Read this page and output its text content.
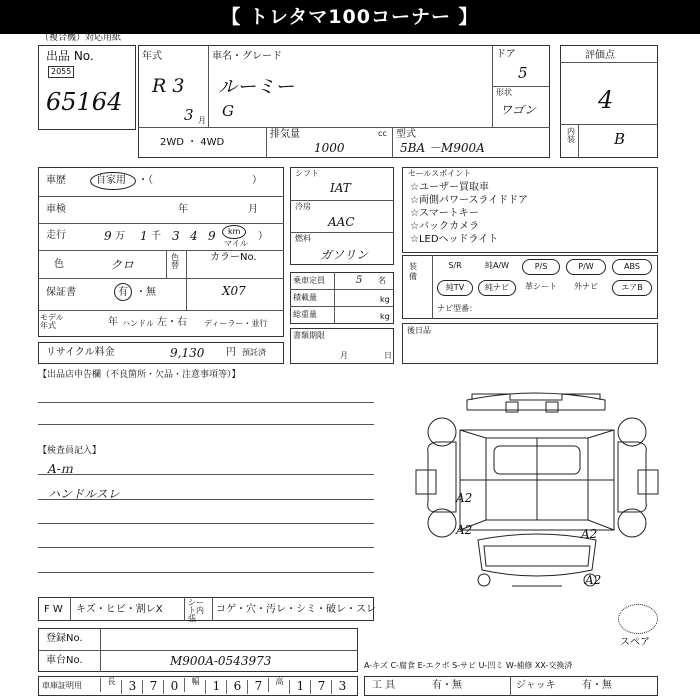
【 トレタマ100コーナー 】
（複合機）対応用紙
出品 No.
2055
65164
年式
R 3
3 月
車名・グレード
ルーミー
G
ドア
5
形状
ワゴン
2WD ・ 4WD
排気量	cc
1000
型式
5BA －M900A
評価点
4
内装	B
車歴	自家用 ・（	）
車検	年	月
走行	9 万 1 千 3 4 9 km
マイル
）
色	クロ
色替
カラーNo.
X07
保証書	有 ・無
モデル年式	年 ハンドル 左・右 ディーラー・並行
リサイクル料金	9,130 円 預託済
シフト
IAT
冷房
AAC
燃料
ガソリン
乗車定員	5 名
積載量	kg
総重量	kg
書類期限
月	日
セールスポイント
☆ユーザー買取車
☆両側パワースライドドア
☆スマートキー
☆バックカメラ
☆LEDヘッドライト
装備
S/R	純A/W	P/S	P/W	ABS
純TV	純ナビ	革シート	外ナビ	エアB
ナビ型番：
後日品
【出品店申告欄（不良箇所・欠品・注意事項等）】
【検査員記入】
A-ｍ
ハンドルスレ	A2
A2	A2
A2
スペア
F W キズ・ヒビ・割レX
シート内張
コゲ・穴・汚レ・シミ・破レ・スレ
登録No.
車台No.	M900A-0543973	A-キズ C-腐食 E-エクボ S-サビ U-凹ミ W-補修 XX-交換済
車庫証明用	工 具	有・無	ジャッキ	有・無
長	3	7	0	幅	1	6	7	高	1	7	3
